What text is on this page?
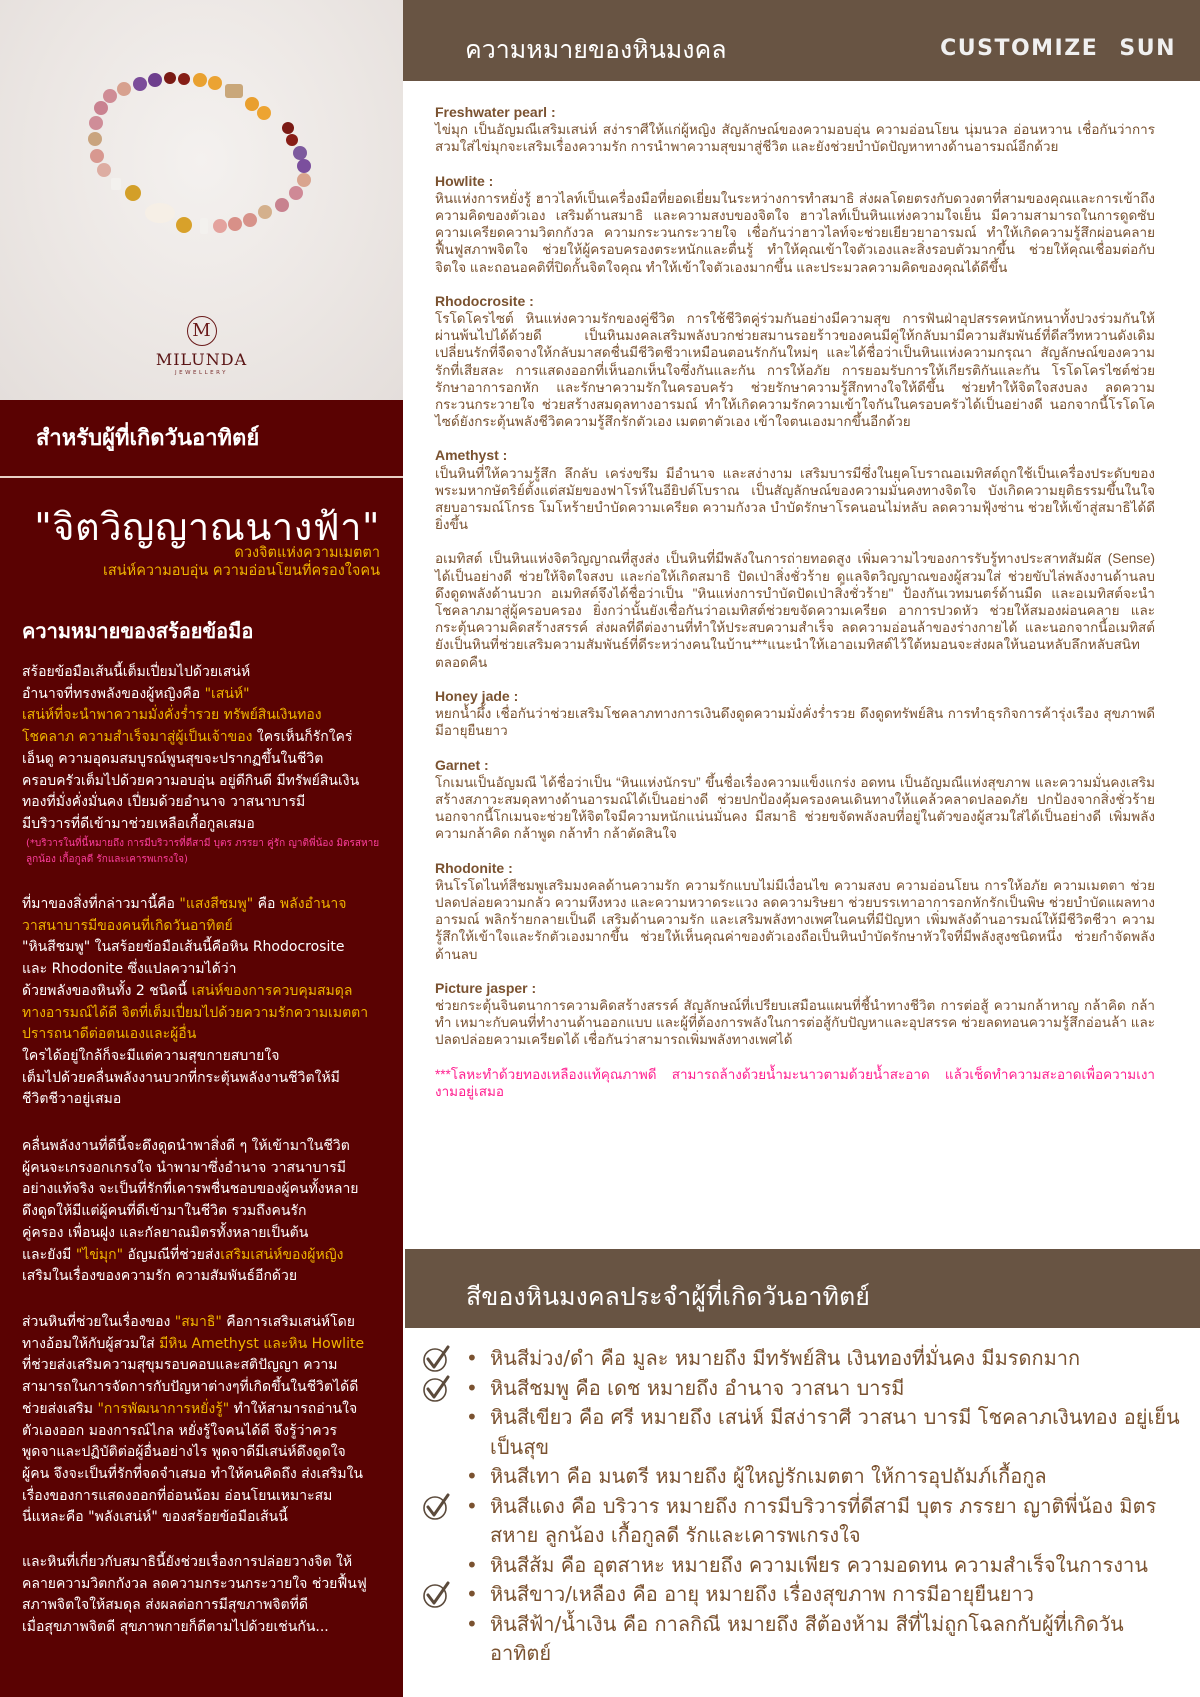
M
MILUNDA
JEWELLERY
สำหรับผู้ที่เกิดวันอาทิตย์
"จิตวิญญาณนางฟ้า"
ดวงจิตแห่งความเมตตา
เสน่ห์ความอบอุ่น ความอ่อนโยนที่ครองใจคน
ความหมายของสร้อยข้อมือ
สร้อยข้อมือเส้นนี้เต็มเปี่ยมไปด้วยเสน่ห์
อำนาจที่ทรงพลังของผู้หญิงคือ "เสน่ห์"
เสน่ห์ที่จะนำพาความมั่งคั่งร่ำรวย ทรัพย์สินเงินทอง
โชคลาภ ความสำเร็จมาสู่ผู้เป็นเจ้าของ ใครเห็นก็รักใคร่
เอ็นดู ความอุดมสมบูรณ์พูนสุขจะปรากฏขึ้นในชีวิต
ครอบครัวเต็มไปด้วยความอบอุ่น อยู่ดีกินดี มีทรัพย์สินเงิน
ทองที่มั่งคั่งมั่นคง เปี่ยมด้วยอำนาจ วาสนาบารมี
มีบริวารที่ดีเข้ามาช่วยเหลือเกื้อกูลเสมอ
(*บริวารในที่นี้หมายถึง การมีบริวารที่ดีสามี บุตร ภรรยา คู่รัก ญาติพี่น้อง มิตรสหาย ลูกน้อง เกื้อกูลดี รักและเคารพเกรงใจ)
ที่มาของสิ่งที่กล่าวมานี้คือ "แสงสีชมพู" คือ พลังอำนาจ
วาสนาบารมีของคนที่เกิดวันอาทิตย์
"หินสีชมพู" ในสร้อยข้อมือเส้นนี้คือหิน Rhodocrosite
และ Rhodonite ซึ่งแปลความได้ว่า
ด้วยพลังของหินทั้ง 2 ชนิดนี้ เสน่ห์ของการควบคุมสมดุล
ทางอารมณ์ได้ดี จิตที่เต็มเปี่ยมไปด้วยความรักความเมตตา
ปรารถนาดีต่อตนเองและผู้อื่น
ใครได้อยู่ใกล้ก็จะมีแต่ความสุขกายสบายใจ
เต็มไปด้วยคลื่นพลังงานบวกที่กระตุ้นพลังงานชีวิตให้มี
ชีวิตชีวาอยู่เสมอ
คลื่นพลังงานที่ดีนี้จะดึงดูดนำพาสิ่งดี ๆ ให้เข้ามาในชีวิต
ผู้คนจะเกรงอกเกรงใจ นำพามาซึ่งอำนาจ วาสนาบารมี
อย่างแท้จริง จะเป็นที่รักที่เคารพชื่นชอบของผู้คนทั้งหลาย
ดึงดูดให้มีแต่ผู้คนที่ดีเข้ามาในชีวิต รวมถึงคนรัก
คู่ครอง เพื่อนฝูง และกัลยาณมิตรทั้งหลายเป็นต้น
และยังมี "ไข่มุก" อัญมณีที่ช่วยส่งเสริมเสน่ห์ของผู้หญิง
เสริมในเรื่องของความรัก ความสัมพันธ์อีกด้วย
ส่วนหินที่ช่วยในเรื่องของ "สมาธิ" คือการเสริมเสน่ห์โดย
ทางอ้อมให้กับผู้สวมใส่ มีหิน Amethyst และหิน Howlite
ที่ช่วยส่งเสริมความสุขุมรอบคอบและสติปัญญา ความ
สามารถในการจัดการกับปัญหาต่างๆที่เกิดขึ้นในชีวิตได้ดี
ช่วยส่งเสริม "การพัฒนาการหยั่งรู้" ทำให้สามารถอ่านใจ
ตัวเองออก มองการณ์ไกล หยั่งรู้ใจคนได้ดี จึงรู้ว่าควร
พูดจาและปฏิบัติต่อผู้อื่นอย่างไร พูดจาดีมีเสน่ห์ดึงดูดใจ
ผู้คน จึงจะเป็นที่รักที่จดจำเสมอ ทำให้คนคิดถึง ส่งเสริมใน
เรื่องของการแสดงออกที่อ่อนน้อม อ่อนโยนเหมาะสม
นี่แหละคือ "พลังเสน่ห์" ของสร้อยข้อมือเส้นนี้
และหินที่เกี่ยวกับสมาธินี้ยังช่วยเรื่องการปล่อยวางจิต ให้
คลายความวิตกกังวล ลดความกระวนกระวายใจ ช่วยฟื้นฟู
สภาพจิตใจให้สมดุล ส่งผลต่อการมีสุขภาพจิตที่ดี
เมื่อสุขภาพจิตดี สุขภาพกายก็ดีตามไปด้วยเช่นกัน...
ความหมายของหินมงคล	CUSTOMIZE SUN
Freshwater pearl :

ไข่มุก เป็นอัญมณีเสริมเสน่ห์ สง่าราศีให้แก่ผู้หญิง สัญลักษณ์ของความอบอุ่น ความอ่อนโยน นุ่มนวล อ่อนหวาน เชื่อกันว่าการสวมใส่ไข่มุกจะเสริมเรื่องความรัก การนำพาความสุขมาสู่ชีวิต และยังช่วยบำบัดปัญหาทางด้านอารมณ์อีกด้วย

Howlite :

หินแห่งการหยั่งรู้ ฮาวไลท์เป็นเครื่องมือที่ยอดเยี่ยมในระหว่างการทำสมาธิ ส่งผลโดยตรงกับดวงตาที่สามของคุณและการเข้าถึงความคิดของตัวเอง เสริมด้านสมาธิ และความสงบของจิตใจ ฮาวไลท์เป็นหินแห่งความใจเย็น มีความสามารถในการดูดซับความเครียดความวิตกกังวล ความกระวนกระวายใจ เชื่อกันว่าฮาวไลท์จะช่วยเยียวยาอารมณ์ ทำให้เกิดความรู้สึกผ่อนคลายฟื้นฟูสภาพจิตใจ ช่วยให้ผู้ครอบครองตระหนักและตื่นรู้ ทำให้คุณเข้าใจตัวเองและสิ่งรอบตัวมากขึ้น ช่วยให้คุณเชื่อมต่อกับจิตใจ และถอนอคติที่ปิดกั้นจิตใจคุณ ทำให้เข้าใจตัวเองมากขึ้น และประมวลความคิดของคุณได้ดีขึ้น

Rhodocrosite :

โรโดโครไซต์ หินแห่งความรักของคู่ชีวิต การใช้ชีวิตคู่ร่วมกันอย่างมีความสุข การฟันฝ่าอุปสรรคหนักหนาทั้งปวงร่วมกันให้ผ่านพ้นไปได้ด้วยดี เป็นหินมงคลเสริมพลังบวกช่วยสมานรอยร้าวของคนมีคู่ให้กลับมามีความสัมพันธ์ที่ดีสวีทหวานดังเดิม เปลี่ยนรักที่จืดจางให้กลับมาสดชื่นมีชีวิตชีวาเหมือนตอนรักกันใหม่ๆ และได้ชื่อว่าเป็นหินแห่งความกรุณา สัญลักษณ์ของความรักที่เสียสละ การแสดงออกที่เห็นอกเห็นใจซึ่งกันและกัน การให้อภัย การยอมรับการให้เกียรติกันและกัน โรโดโครไซต์ช่วยรักษาอาการอกหัก และรักษาความรักในครอบครัว ช่วยรักษาความรู้สึกทางใจให้ดีขึ้น ช่วยทำให้จิตใจสงบลง ลดความกระวนกระวายใจ ช่วยสร้างสมดุลทางอารมณ์ ทำให้เกิดความรักความเข้าใจกันในครอบครัวได้เป็นอย่างดี นอกจากนี้โรโดโคไซด์ยังกระตุ้นพลังชีวิตความรู้สึกรักตัวเอง เมตตาตัวเอง เข้าใจตนเองมากขึ้นอีกด้วย

Amethyst :

เป็นหินที่ให้ความรู้สึก ลึกลับ เคร่งขรึม มีอำนาจ และสง่างาม เสริมบารมีซึ่งในยุคโบราณอเมทิสต์ถูกใช้เป็นเครื่องประดับของพระมหากษัตริย์ตั้งแต่สมัยของฟาโรห์ในอียิปต์โบราณ เป็นสัญลักษณ์ของความมั่นคงทางจิตใจ บังเกิดความยุติธรรมขึ้นในใจ สยบอารมณ์โกรธ โมโหร้ายบำบัดความเครียด ความกังวล บำบัดรักษาโรคนอนไม่หลับ ลดความฟุ้งซ่าน ช่วยให้เข้าสู่สมาธิได้ดียิ่งขึ้น

อเมทิสต์ เป็นหินแห่งจิตวิญญาณที่สูงส่ง เป็นหินที่มีพลังในการถ่ายทอดสูง เพิ่มความไวของการรับรู้ทางประสาทสัมผัส (Sense) ได้เป็นอย่างดี ช่วยให้จิตใจสงบ และก่อให้เกิดสมาธิ ปัดเป่าสิ่งชั่วร้าย ดูแลจิตวิญญาณของผู้สวมใส่ ช่วยขับไล่พลังงานด้านลบ ดึงดูดพลังด้านบวก อเมทิสต์จึงได้ชื่อว่าเป็น "หินแห่งการบำบัดปัดเป่าสิ่งชั่วร้าย" ป้องกันเวทมนตร์ด้านมืด และอเมทิสต์จะนำโชคลาภมาสู่ผู้ครอบครอง ยิ่งกว่านั้นยังเชื่อกันว่าอเมทิสต์ช่วยขจัดความเครียด อาการปวดหัว ช่วยให้สมองผ่อนคลาย และกระตุ้นความคิดสร้างสรรค์ ส่งผลที่ดีต่องานที่ทำให้ประสบความสำเร็จ ลดความอ่อนล้าของร่างกายได้ และนอกจากนี้อเมทิสต์ยังเป็นหินที่ช่วยเสริมความสัมพันธ์ที่ดีระหว่างคนในบ้าน***แนะนำให้เอาอเมทิสต์ไว้ใต้หมอนจะส่งผลให้นอนหลับลึกหลับสนิทตลอดคืน

Honey jade :

หยกน้ำผึ้ง เชื่อกันว่าช่วยเสริมโชคลาภทางการเงินดึงดูดความมั่งคั่งร่ำรวย ดึงดูดทรัพย์สิน การทำธุรกิจการค้ารุ่งเรือง สุขภาพดี มีอายุยืนยาว

Garnet :

โกเมนเป็นอัญมณี ได้ชื่อว่าเป็น “หินแห่งนักรบ” ขึ้นชื่อเรื่องความแข็งแกร่ง อดทน เป็นอัญมณีแห่งสุขภาพ และความมั่นคงเสริมสร้างสภาวะสมดุลทางด้านอารมณ์ได้เป็นอย่างดี ช่วยปกป้องคุ้มครองคนเดินทางให้แคล้วคลาดปลอดภัย ปกป้องจากสิ่งชั่วร้าย นอกจากนี้โกเมนจะช่วยให้จิตใจมีความหนักแน่นมั่นคง มีสมาธิ ช่วยขจัดพลังลบที่อยู่ในตัวของผู้สวมใส่ได้เป็นอย่างดี เพิ่มพลังความกล้าคิด กล้าพูด กล้าทำ กล้าตัดสินใจ

Rhodonite :

หินโรโดไนท์สีชมพูเสริมมงคลด้านความรัก ความรักแบบไม่มีเงื่อนไข ความสงบ ความอ่อนโยน การให้อภัย ความเมตตา ช่วยปลดปล่อยความกลัว ความหึงหวง และความหวาดระแวง ลดความริษยา ช่วยบรรเทาอาการอกหักรักเป็นพิษ ช่วยบำบัดแผลทางอารมณ์ พลิกร้ายกลายเป็นดี เสริมด้านความรัก และเสริมพลังทางเพศในคนที่มีปัญหา เพิ่มพลังด้านอารมณ์ให้มีชีวิตชีวา ความรู้สึกให้เข้าใจและรักตัวเองมากขึ้น ช่วยให้เห็นคุณค่าของตัวเองถือเป็นหินบำบัดรักษาหัวใจที่มีพลังสูงชนิดหนึ่ง ช่วยกำจัดพลังด้านลบ

Picture jasper :

ช่วยกระตุ้นจินตนาการความคิดสร้างสรรค์ สัญลักษณ์ที่เปรียบเสมือนแผนที่ชี้นำทางชีวิต การต่อสู้ ความกล้าหาญ กล้าคิด กล้าทำ เหมาะกับคนที่ทำงานด้านออกแบบ และผู้ที่ต้องการพลังในการต่อสู้กับปัญหาและอุปสรรค ช่วยลดทอนความรู้สึกอ่อนล้า และปลดปล่อยความเครียดได้ เชื่อกันว่าสามารถเพิ่มพลังทางเพศได้

***โลหะทำด้วยทองเหลืองแท้คุณภาพดี สามารถล้างด้วยน้ำมะนาวตามด้วยน้ำสะอาด แล้วเช็ดทำความสะอาดเพื่อความเงางามอยู่เสมอ
สีของหินมงคลประจำผู้ที่เกิดวันอาทิตย์
• หินสีม่วง/ดำ คือ มูละ หมายถึง มีทรัพย์สิน เงินทองที่มั่นคง มีมรดกมาก
• หินสีชมพู คือ เดช หมายถึง อำนาจ วาสนา บารมี
• หินสีเขียว คือ ศรี หมายถึง เสน่ห์ มีสง่าราศี วาสนา บารมี โชคลาภเงินทอง อยู่เย็นเป็นสุข
• หินสีเทา คือ มนตรี หมายถึง ผู้ใหญ่รักเมตตา ให้การอุปถัมภ์เกื้อกูล
• หินสีแดง คือ บริวาร หมายถึง การมีบริวารที่ดีสามี บุตร ภรรยา ญาติพี่น้อง มิตรสหาย ลูกน้อง เกื้อกูลดี รักและเคารพเกรงใจ
• หินสีส้ม คือ อุตสาหะ หมายถึง ความเพียร ความอดทน ความสำเร็จในการงาน
• หินสีขาว/เหลือง คือ อายุ หมายถึง เรื่องสุขภาพ การมีอายุยืนยาว
• หินสีฟ้า/น้ำเงิน คือ กาลกิณี หมายถึง สีต้องห้าม สีที่ไม่ถูกโฉลกกับผู้ที่เกิดวันอาทิตย์
